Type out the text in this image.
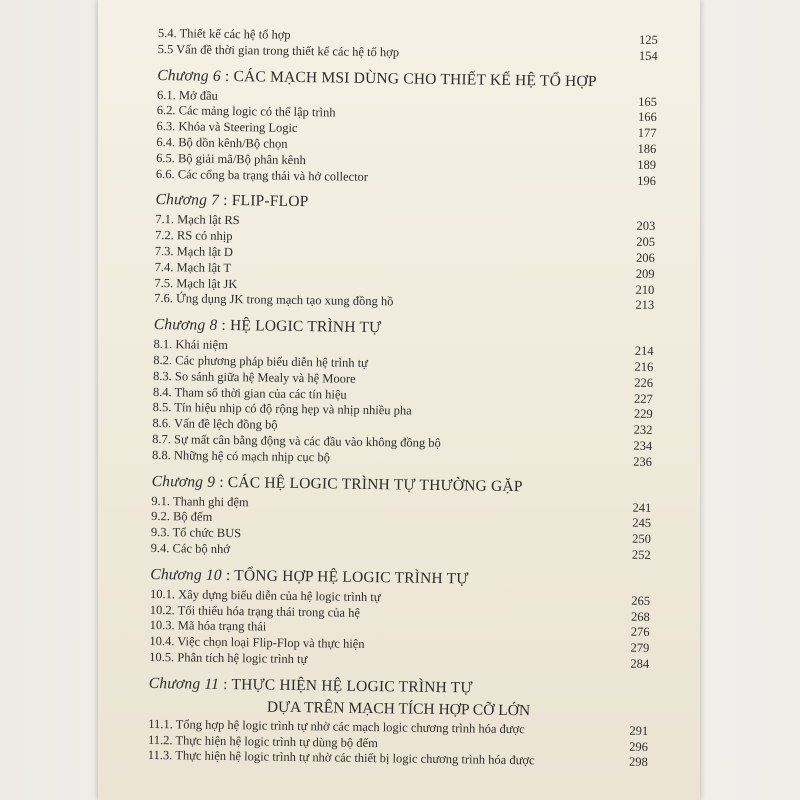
5.4. Thiết kế các hệ tổ hợp	125
5.5 Vấn đề thời gian trong thiết kế các hệ tổ hợp	154
Chương 6 : CÁC MẠCH MSI DÙNG CHO THIẾT KẾ HỆ TỔ HỢP
6.1. Mở đầu	165
6.2. Các mảng logic có thể lập trình	166
6.3. Khóa và Steering Logic	177
6.4. Bộ dồn kênh/Bộ chọn	186
6.5. Bộ giải mã/Bộ phân kênh	189
6.6. Các cổng ba trạng thái và hở collector	196
Chương 7 : FLIP-FLOP
7.1. Mạch lật RS	203
7.2. RS có nhịp	205
7.3. Mạch lật D	206
7.4. Mạch lật T	209
7.5. Mạch lật JK	210
7.6. Ứng dụng JK trong mạch tạo xung đồng hồ	213
Chương 8 : HỆ LOGIC TRÌNH TỰ
8.1. Khái niệm	214
8.2. Các phương pháp biểu diễn hệ trình tự	216
8.3. So sánh giữa hệ Mealy và hệ Moore	226
8.4. Tham số thời gian của các tín hiệu	227
8.5. Tín hiệu nhịp có độ rộng hẹp và nhịp nhiều pha	229
8.6. Vấn đề lệch đồng bộ	232
8.7. Sự mất cân bằng động và các đầu vào không đồng bộ	234
8.8. Những hệ có mạch nhịp cục bộ	236
Chương 9 : CÁC HỆ LOGIC TRÌNH TỰ THƯỜNG GẶP
9.1. Thanh ghi đệm	241
9.2. Bộ đếm	245
9.3. Tổ chức BUS	250
9.4. Các bộ nhớ	252
Chương 10 : TỔNG HỢP HỆ LOGIC TRÌNH TỰ
10.1. Xây dựng biểu diễn của hệ logic trình tự	265
10.2. Tối thiểu hóa trạng thái trong của hệ	268
10.3. Mã hóa trạng thái	276
10.4. Việc chọn loại Flip-Flop và thực hiện	279
10.5. Phân tích hệ logic trình tự	284
Chương 11 : THỰC HIỆN HỆ LOGIC TRÌNH TỰ
DỰA TRÊN MẠCH TÍCH HỢP CỠ LỚN
11.1. Tổng hợp hệ logic trình tự nhờ các mạch logic chương trình hóa được	291
11.2. Thực hiện hệ logic trình tự dùng bộ đếm	296
11.3. Thực hiện hệ logic trình tự nhờ các thiết bị logic chương trình hóa được	298
